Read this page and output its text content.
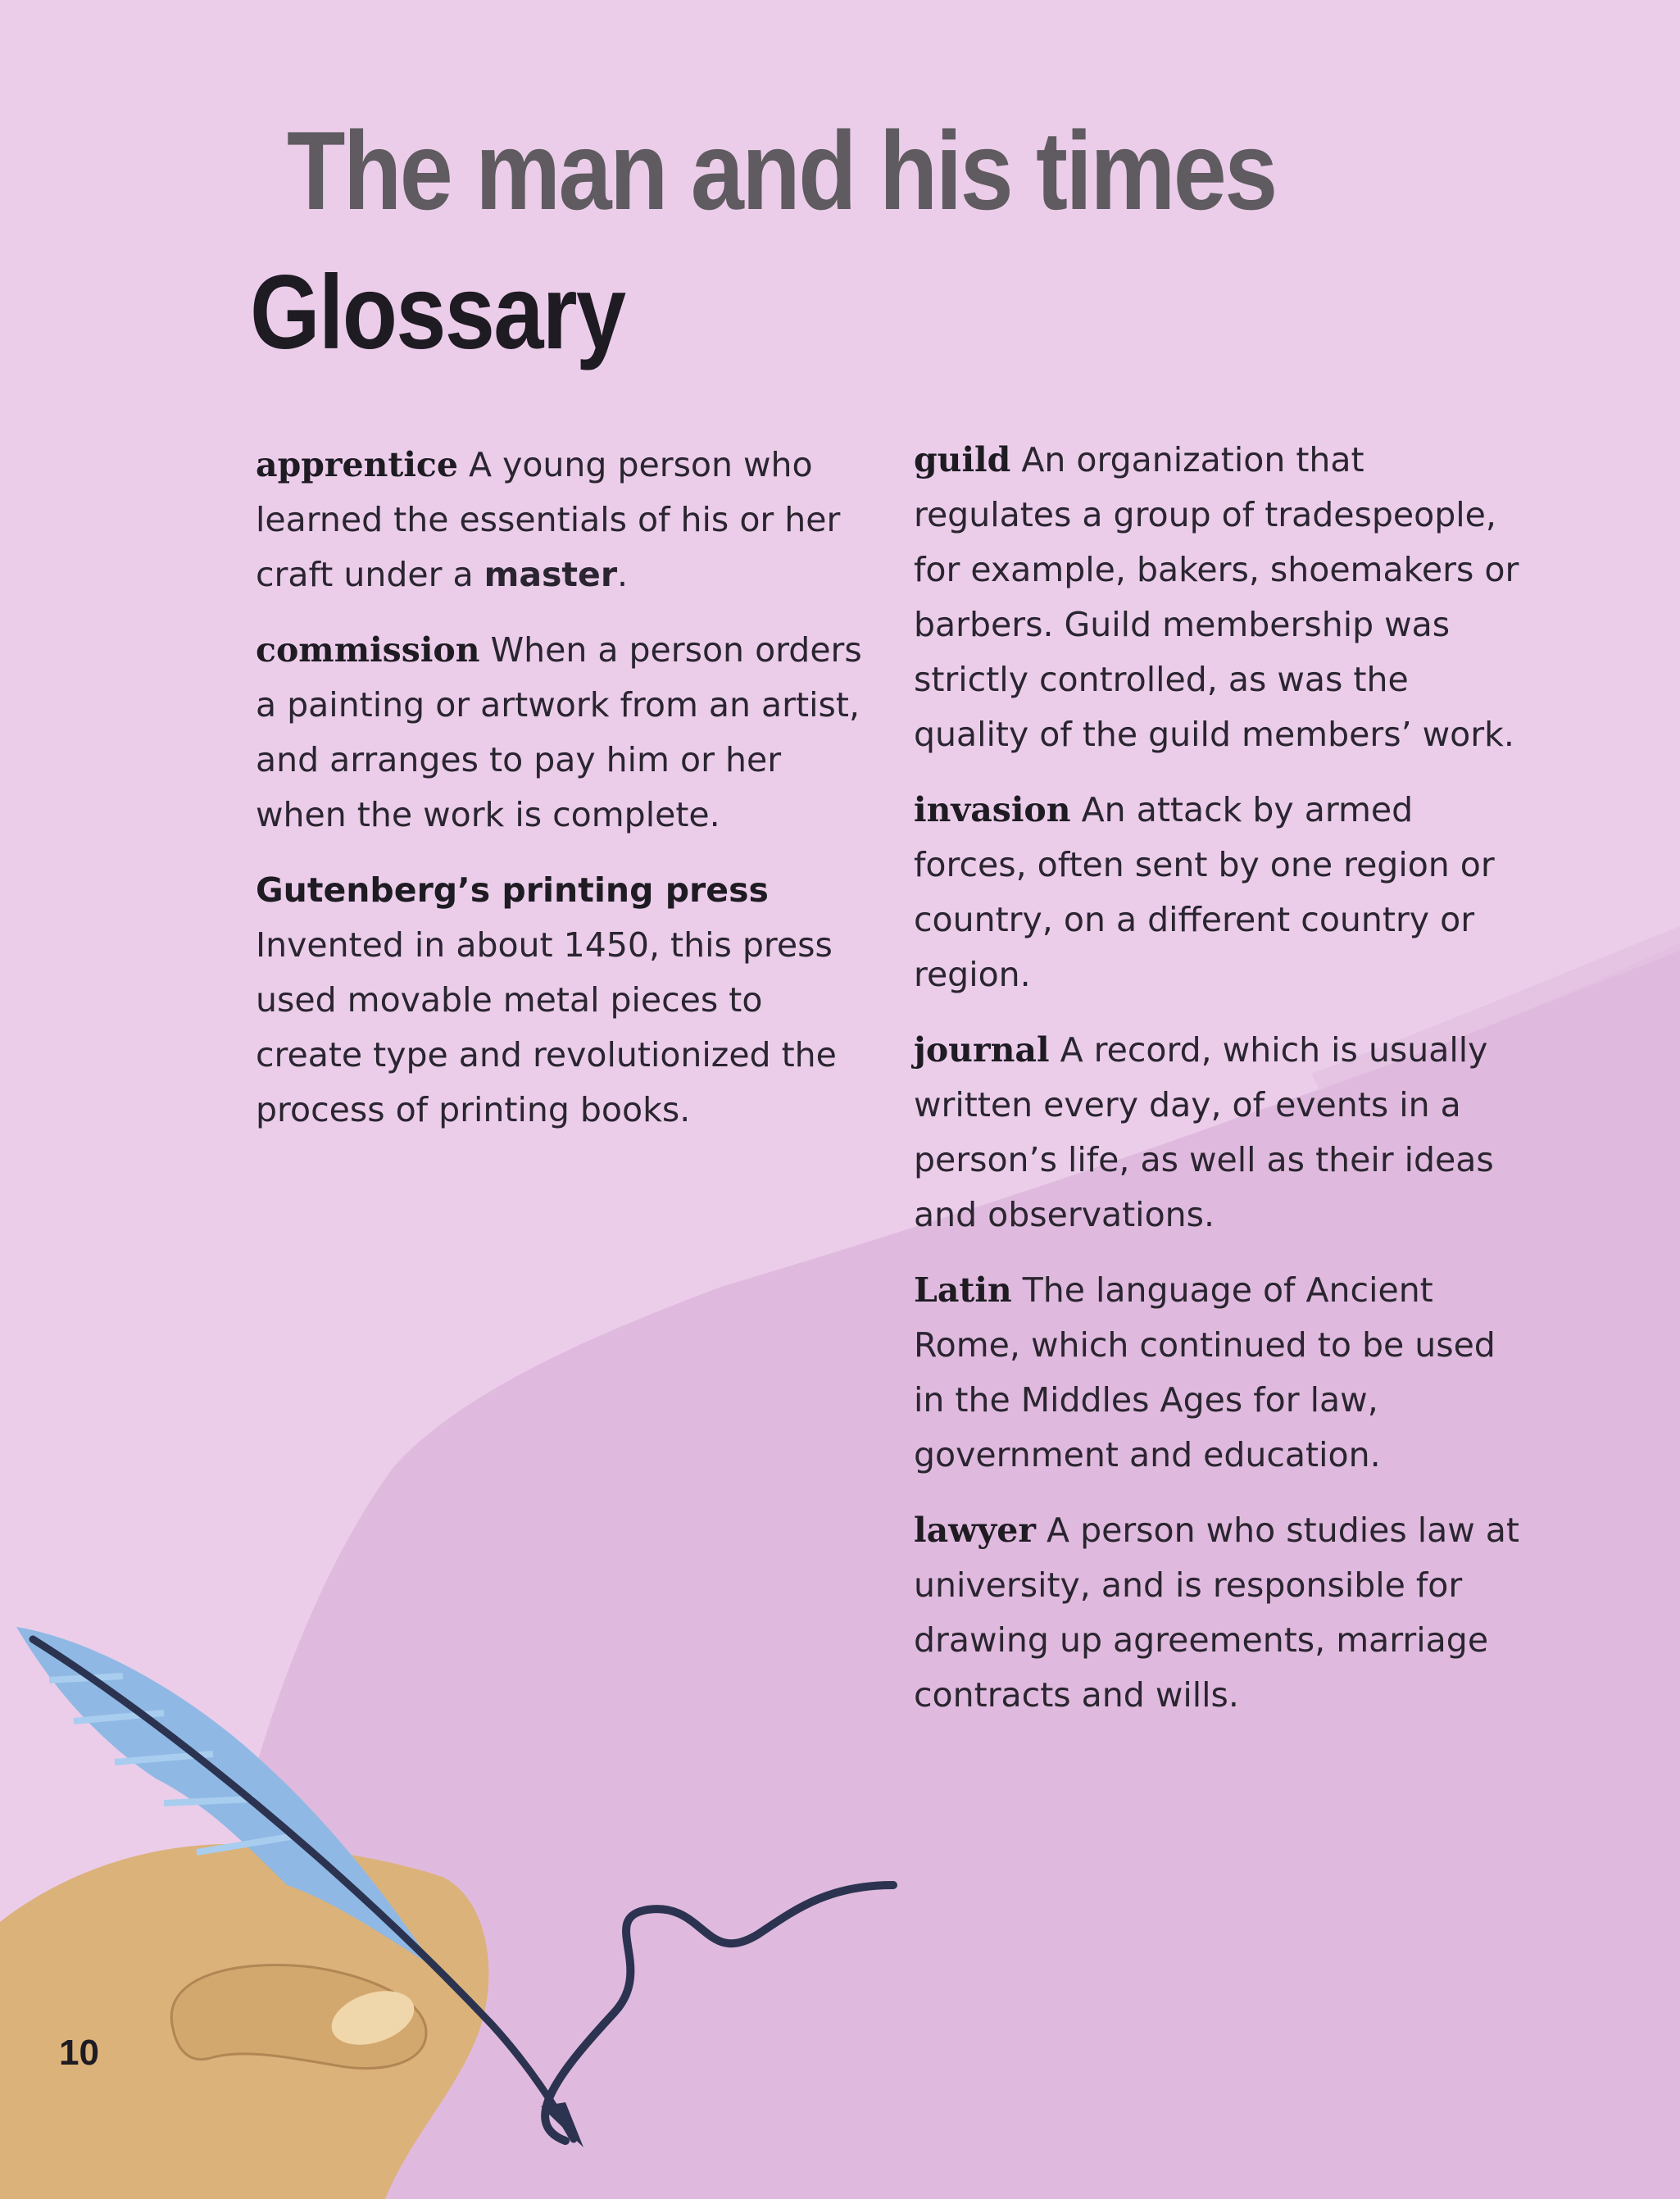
The man and his times
Glossary

apprentice A young person who learned the essentials of his or her craft under a master.

commission When a person orders a painting or artwork from an artist, and arranges to pay him or her when the work is complete.

Gutenberg’s printing press
Invented in about 1450, this press used movable metal pieces to create type and revolutionized the process of printing books.

guild An organization that regulates a group of tradespeople, for example, bakers, shoemakers or barbers. Guild membership was strictly controlled, as was the quality of the guild members’ work.

invasion An attack by armed forces, often sent by one region or country, on a different country or region.

journal A record, which is usually written every day, of events in a person’s life, as well as their ideas and observations.

Latin The language of Ancient Rome, which continued to be used in the Middles Ages for law, government and education.

lawyer A person who studies law at university, and is responsible for drawing up agreements, marriage contracts and wills.

10
